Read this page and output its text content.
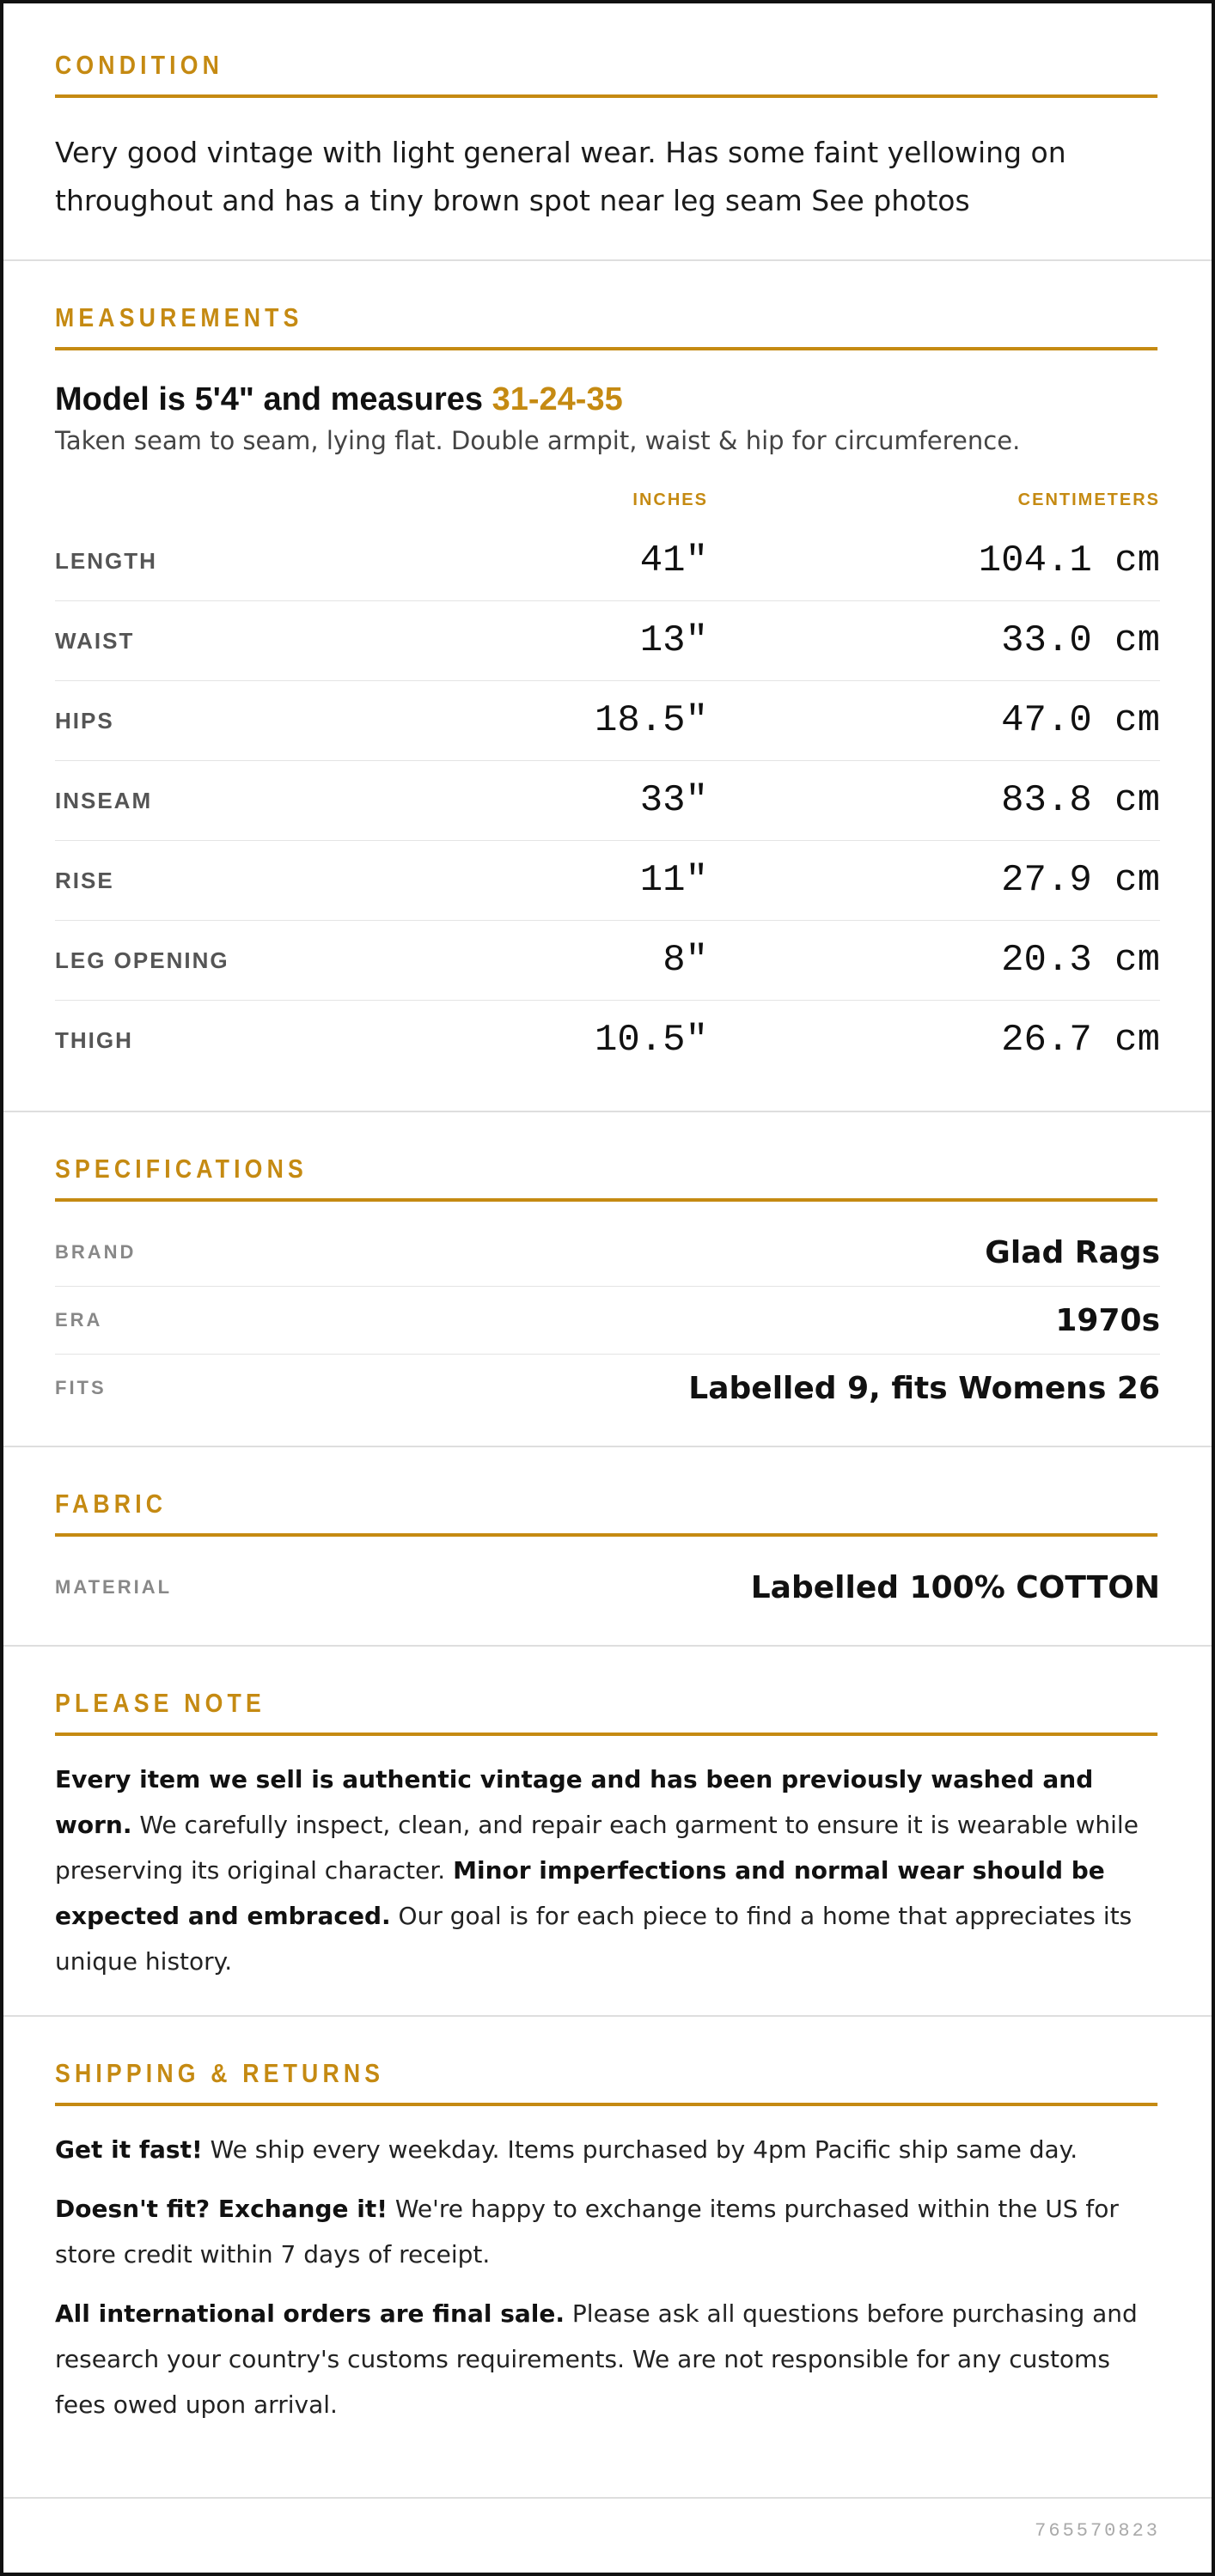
CONDITION
Very good vintage with light general wear. Has some faint yellowing on throughout and has a tiny brown spot near leg seam See photos
MEASUREMENTS

Model is 5'4" and measures 31-24-35

Taken seam to seam, lying flat. Double armpit, waist & hip for circumference.

INCHES	CENTIMETERS
LENGTH	41"	104.1 cm
WAIST	13"	33.0 cm
HIPS	18.5"	47.0 cm
INSEAM	33"	83.8 cm
RISE	11"	27.9 cm
LEG OPENING	8"	20.3 cm
THIGH	10.5"	26.7 cm
SPECIFICATIONS
BRAND	Glad Rags
ERA	1970s
FITS	Labelled 9, fits Womens 26
FABRIC
MATERIAL	Labelled 100% COTTON
PLEASE NOTE

Every item we sell is authentic vintage and has been previously washed and worn. We carefully inspect, clean, and repair each garment to ensure it is wearable while preserving its original character. Minor imperfections and normal wear should be expected and embraced. Our goal is for each piece to find a home that appreciates its unique history.

SHIPPING & RETURNS

Get it fast! We ship every weekday. Items purchased by 4pm Pacific ship same day.

Doesn't fit? Exchange it! We're happy to exchange items purchased within the US for store credit within 7 days of receipt.

All international orders are final sale. Please ask all questions before purchasing and research your country's customs requirements. We are not responsible for any customs fees owed upon arrival.

765570823
